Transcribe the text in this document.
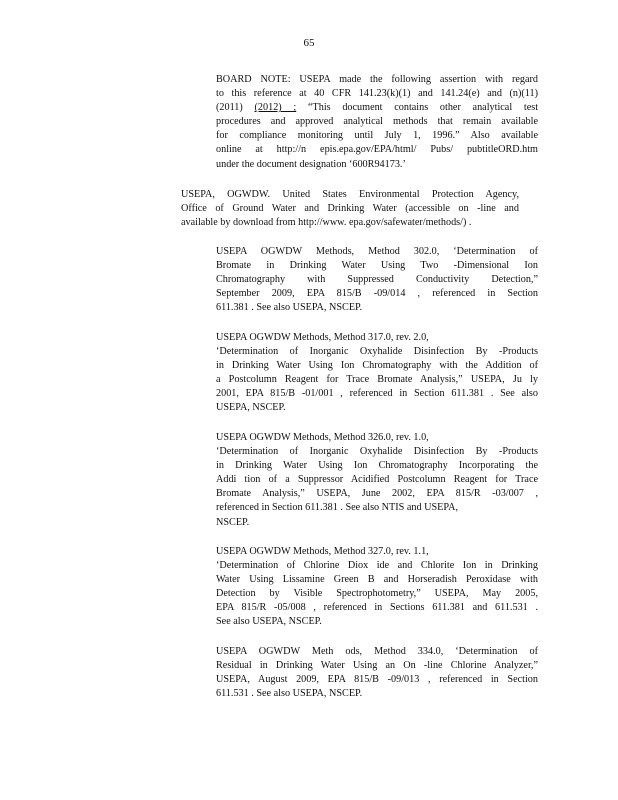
65
BOARD NOTE: USEPA made the following assertion with regard
to this reference at 40 CFR 141.23(k)(1) and 141.24(e) and (n)(11)
(2011) (2012) ; “This document contains other analytical test
procedures and approved analytical methods that remain available
for compliance monitoring until July 1, 1996.” Also available
online at http://n epis.epa.gov/EPA/html/ Pubs/ pubtitleORD.htm
under the document designation ‘600R94173.’
USEPA, OGWDW. United States Environmental Protection Agency,
Office of Ground Water and Drinking Water (accessible on -line and
available by download from http://www. epa.gov/safewater/methods/) .
USEPA OGWDW Methods, Method 302.0, ‘Determination of
Bromate in Drinking Water Using Two -Dimensional Ion
Chromatography with Suppressed Conductivity Detection,”
September 2009, EPA 815/B -09/014 , referenced in Section
611.381 . See also USEPA, NSCEP.
USEPA OGWDW Methods, Method 317.0, rev. 2.0,
‘Determination of Inorganic Oxyhalide Disinfection By -Products
in Drinking Water Using Ion Chromatography with the Addition of
a Postcolumn Reagent for Trace Bromate Analysis,” USEPA, Ju ly
2001, EPA 815/B -01/001 , referenced in Section 611.381 . See also
USEPA, NSCEP.
USEPA OGWDW Methods, Method 326.0, rev. 1.0,
‘Determination of Inorganic Oxyhalide Disinfection By -Products
in Drinking Water Using Ion Chromatography Incorporating the
Addi tion of a Suppressor Acidified Postcolumn Reagent for Trace
Bromate Analysis,” USEPA, June 2002, EPA 815/R -03/007 ,
referenced in Section 611.381 . See also NTIS and USEPA,
NSCEP.
USEPA OGWDW Methods, Method 327.0, rev. 1.1,
‘Determination of Chlorine Diox ide and Chlorite Ion in Drinking
Water Using Lissamine Green B and Horseradish Peroxidase with
Detection by Visible Spectrophotometry,” USEPA, May 2005,
EPA 815/R -05/008 , referenced in Sections 611.381 and 611.531 .
See also USEPA, NSCEP.
USEPA OGWDW Meth ods, Method 334.0, ‘Determination of
Residual in Drinking Water Using an On -line Chlorine Analyzer,”
USEPA, August 2009, EPA 815/B -09/013 , referenced in Section
611.531 . See also USEPA, NSCEP.
